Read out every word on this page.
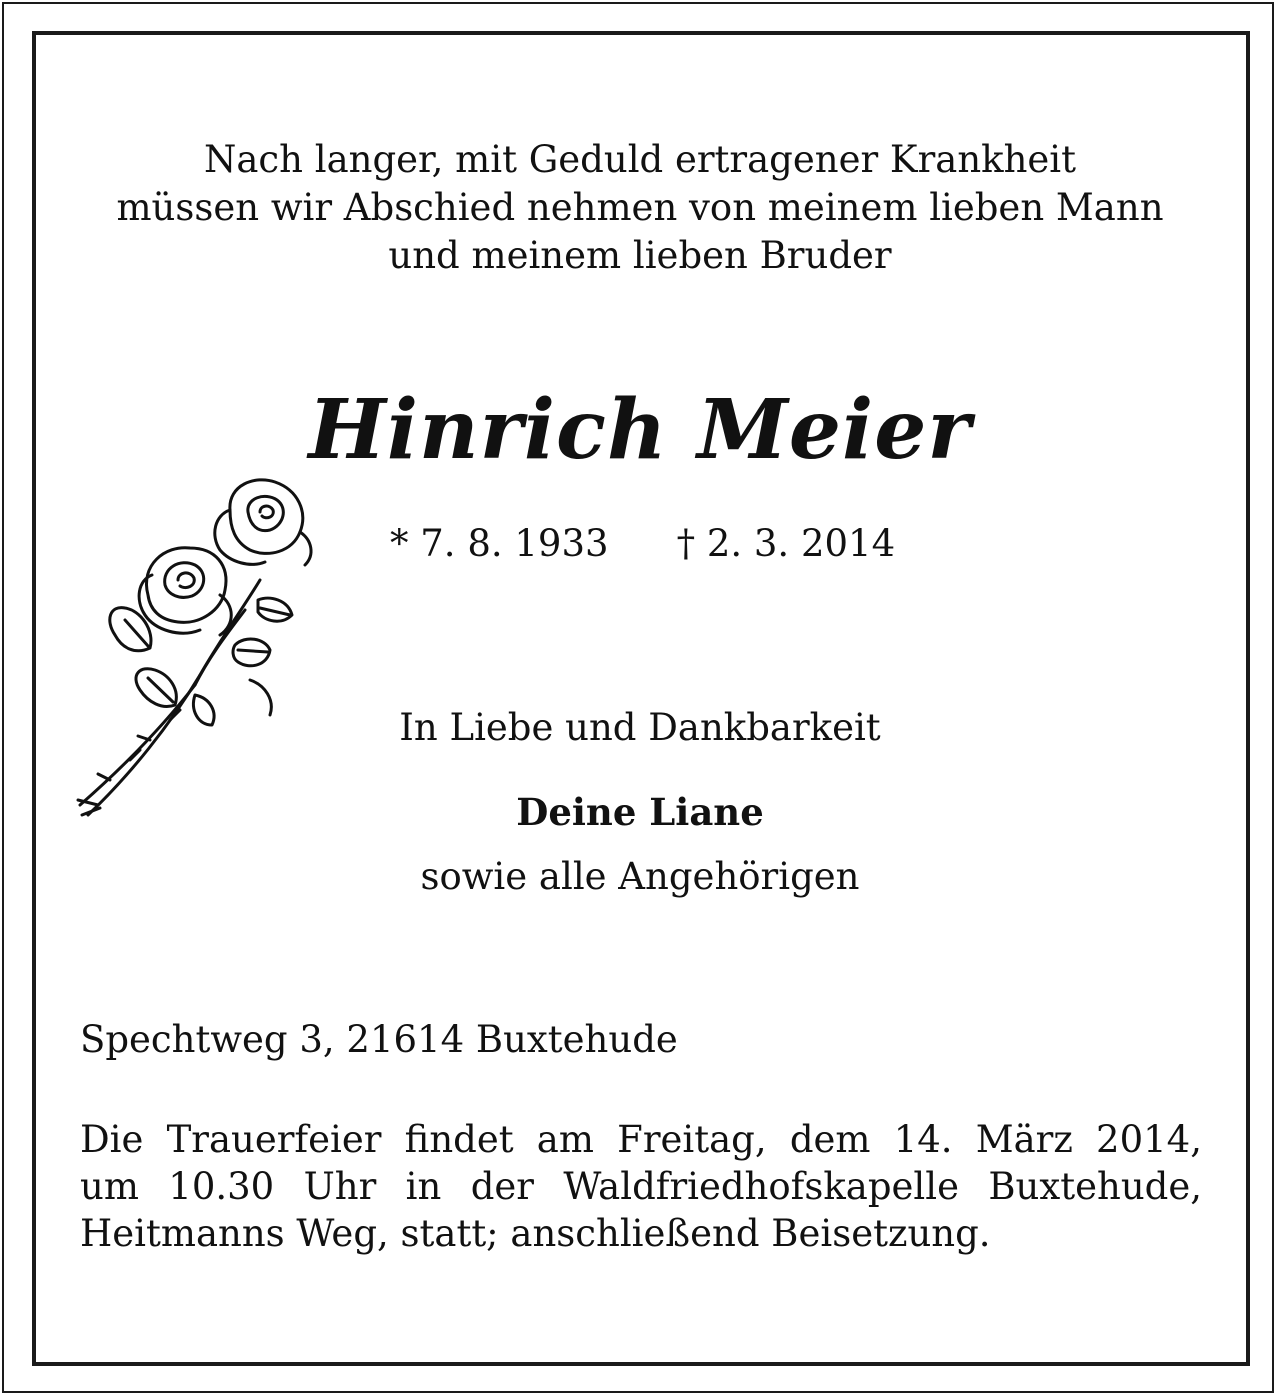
Nach langer, mit Geduld ertragener Krankheit
müssen wir Abschied nehmen von meinem lieben Mann
und meinem lieben Bruder
Hinrich Meier
* 7. 8. 1933 † 2. 3. 2014
In Liebe und Dankbarkeit
Deine Liane
sowie alle Angehörigen
Spechtweg 3, 21614 Buxtehude
Die Trauerfeier findet am Freitag, dem 14. März 2014,
um 10.30 Uhr in der Waldfriedhofskapelle Buxtehude,
Heitmanns Weg, statt; anschließend Beisetzung.
